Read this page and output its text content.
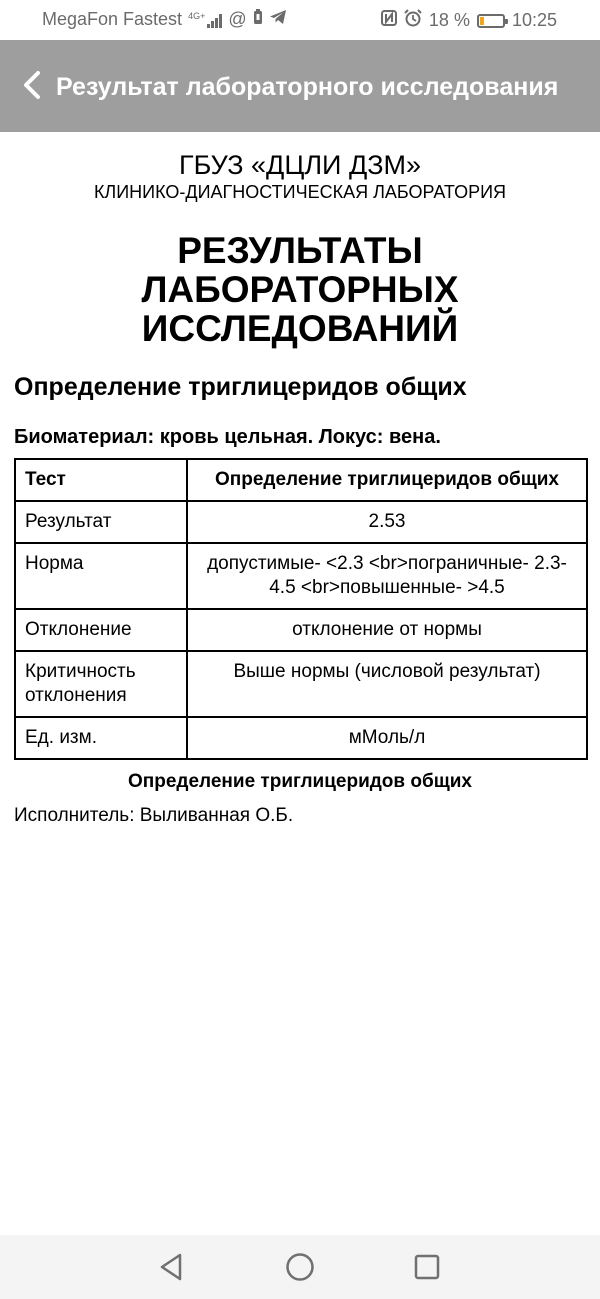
MegaFon Fastest 4G+ @	18 % 10:25
Результат лабораторного исследования
ГБУЗ «ДЦЛИ ДЗМ»
КЛИНИКО-ДИАГНОСТИЧЕСКАЯ ЛАБОРАТОРИЯ
РЕЗУЛЬТАТЫ
ЛАБОРАТОРНЫХ
ИССЛЕДОВАНИЙ
Определение триглицеридов общих
Биоматериал: кровь цельная. Локус: вена.
Тест	Определение триглицеридов общих
Результат	2.53
Норма	допустимые- <2.3 <br>пограничные- 2.3-4.5 <br>повышенные- >4.5
Отклонение	отклонение от нормы
Критичность отклонения	Выше нормы (числовой результат)
Ед. изм.	мМоль/л
Определение триглицеридов общих
Исполнитель: Выливанная О.Б.
